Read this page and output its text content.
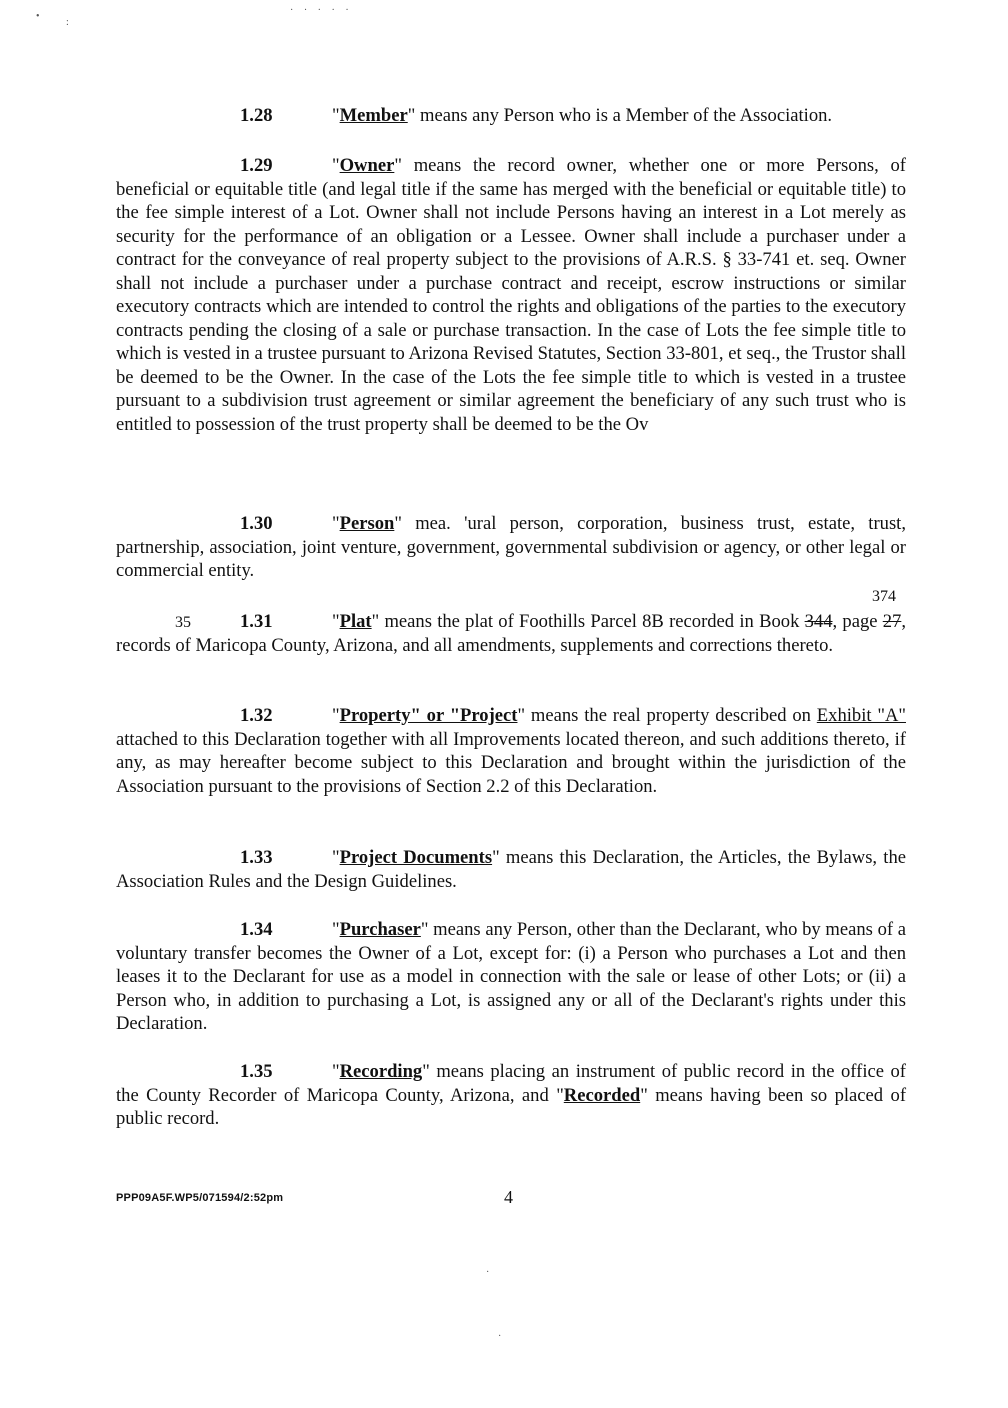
•
:
· · · · ·

1.28	"Member" means any Person who is a Member of the Association.

1.29	"Owner" means the record owner, whether one or more Persons, of beneficial or equitable title (and legal title if the same has merged with the beneficial or equitable title) to the fee simple interest of a Lot. Owner shall not include Persons having an interest in a Lot merely as security for the performance of an obligation or a Lessee. Owner shall include a purchaser under a contract for the conveyance of real property subject to the provisions of A.R.S. § 33-741 et. seq. Owner shall not include a purchaser under a purchase contract and receipt, escrow instructions or similar executory contracts which are intended to control the rights and obligations of the parties to the executory contracts pending the closing of a sale or purchase transaction. In the case of Lots the fee simple title to which is vested in a trustee pursuant to Arizona Revised Statutes, Section 33-801, et seq., the Trustor shall be deemed to be the Owner. In the case of the Lots the fee simple title to which is vested in a trustee pursuant to a subdivision trust agreement or similar agreement the beneficiary of any such trust who is entitled to possession of the trust property shall be deemed to be the Ov

1.30	"Person" mea. 'ural person, corporation, business trust, estate, trust, partnership, association, joint venture, government, governmental subdivision or agency, or other legal or commercial entity.

374
35	1.31	"Plat" means the plat of Foothills Parcel 8B recorded in Book 344, page 27, records of Maricopa County, Arizona, and all amendments, supplements and corrections thereto.

1.32	"Property" or "Project" means the real property described on Exhibit "A" attached to this Declaration together with all Improvements located thereon, and such additions thereto, if any, as may hereafter become subject to this Declaration and brought within the jurisdiction of the Association pursuant to the provisions of Section 2.2 of this Declaration.

1.33	"Project Documents" means this Declaration, the Articles, the Bylaws, the Association Rules and the Design Guidelines.

1.34	"Purchaser" means any Person, other than the Declarant, who by means of a voluntary transfer becomes the Owner of a Lot, except for: (i) a Person who purchases a Lot and then leases it to the Declarant for use as a model in connection with the sale or lease of other Lots; or (ii) a Person who, in addition to purchasing a Lot, is assigned any or all of the Declarant's rights under this Declaration.

1.35	"Recording" means placing an instrument of public record in the office of the County Recorder of Maricopa County, Arizona, and "Recorded" means having been so placed of public record.

PPP09A5F.WP5/071594/2:52pm	4
·
·
